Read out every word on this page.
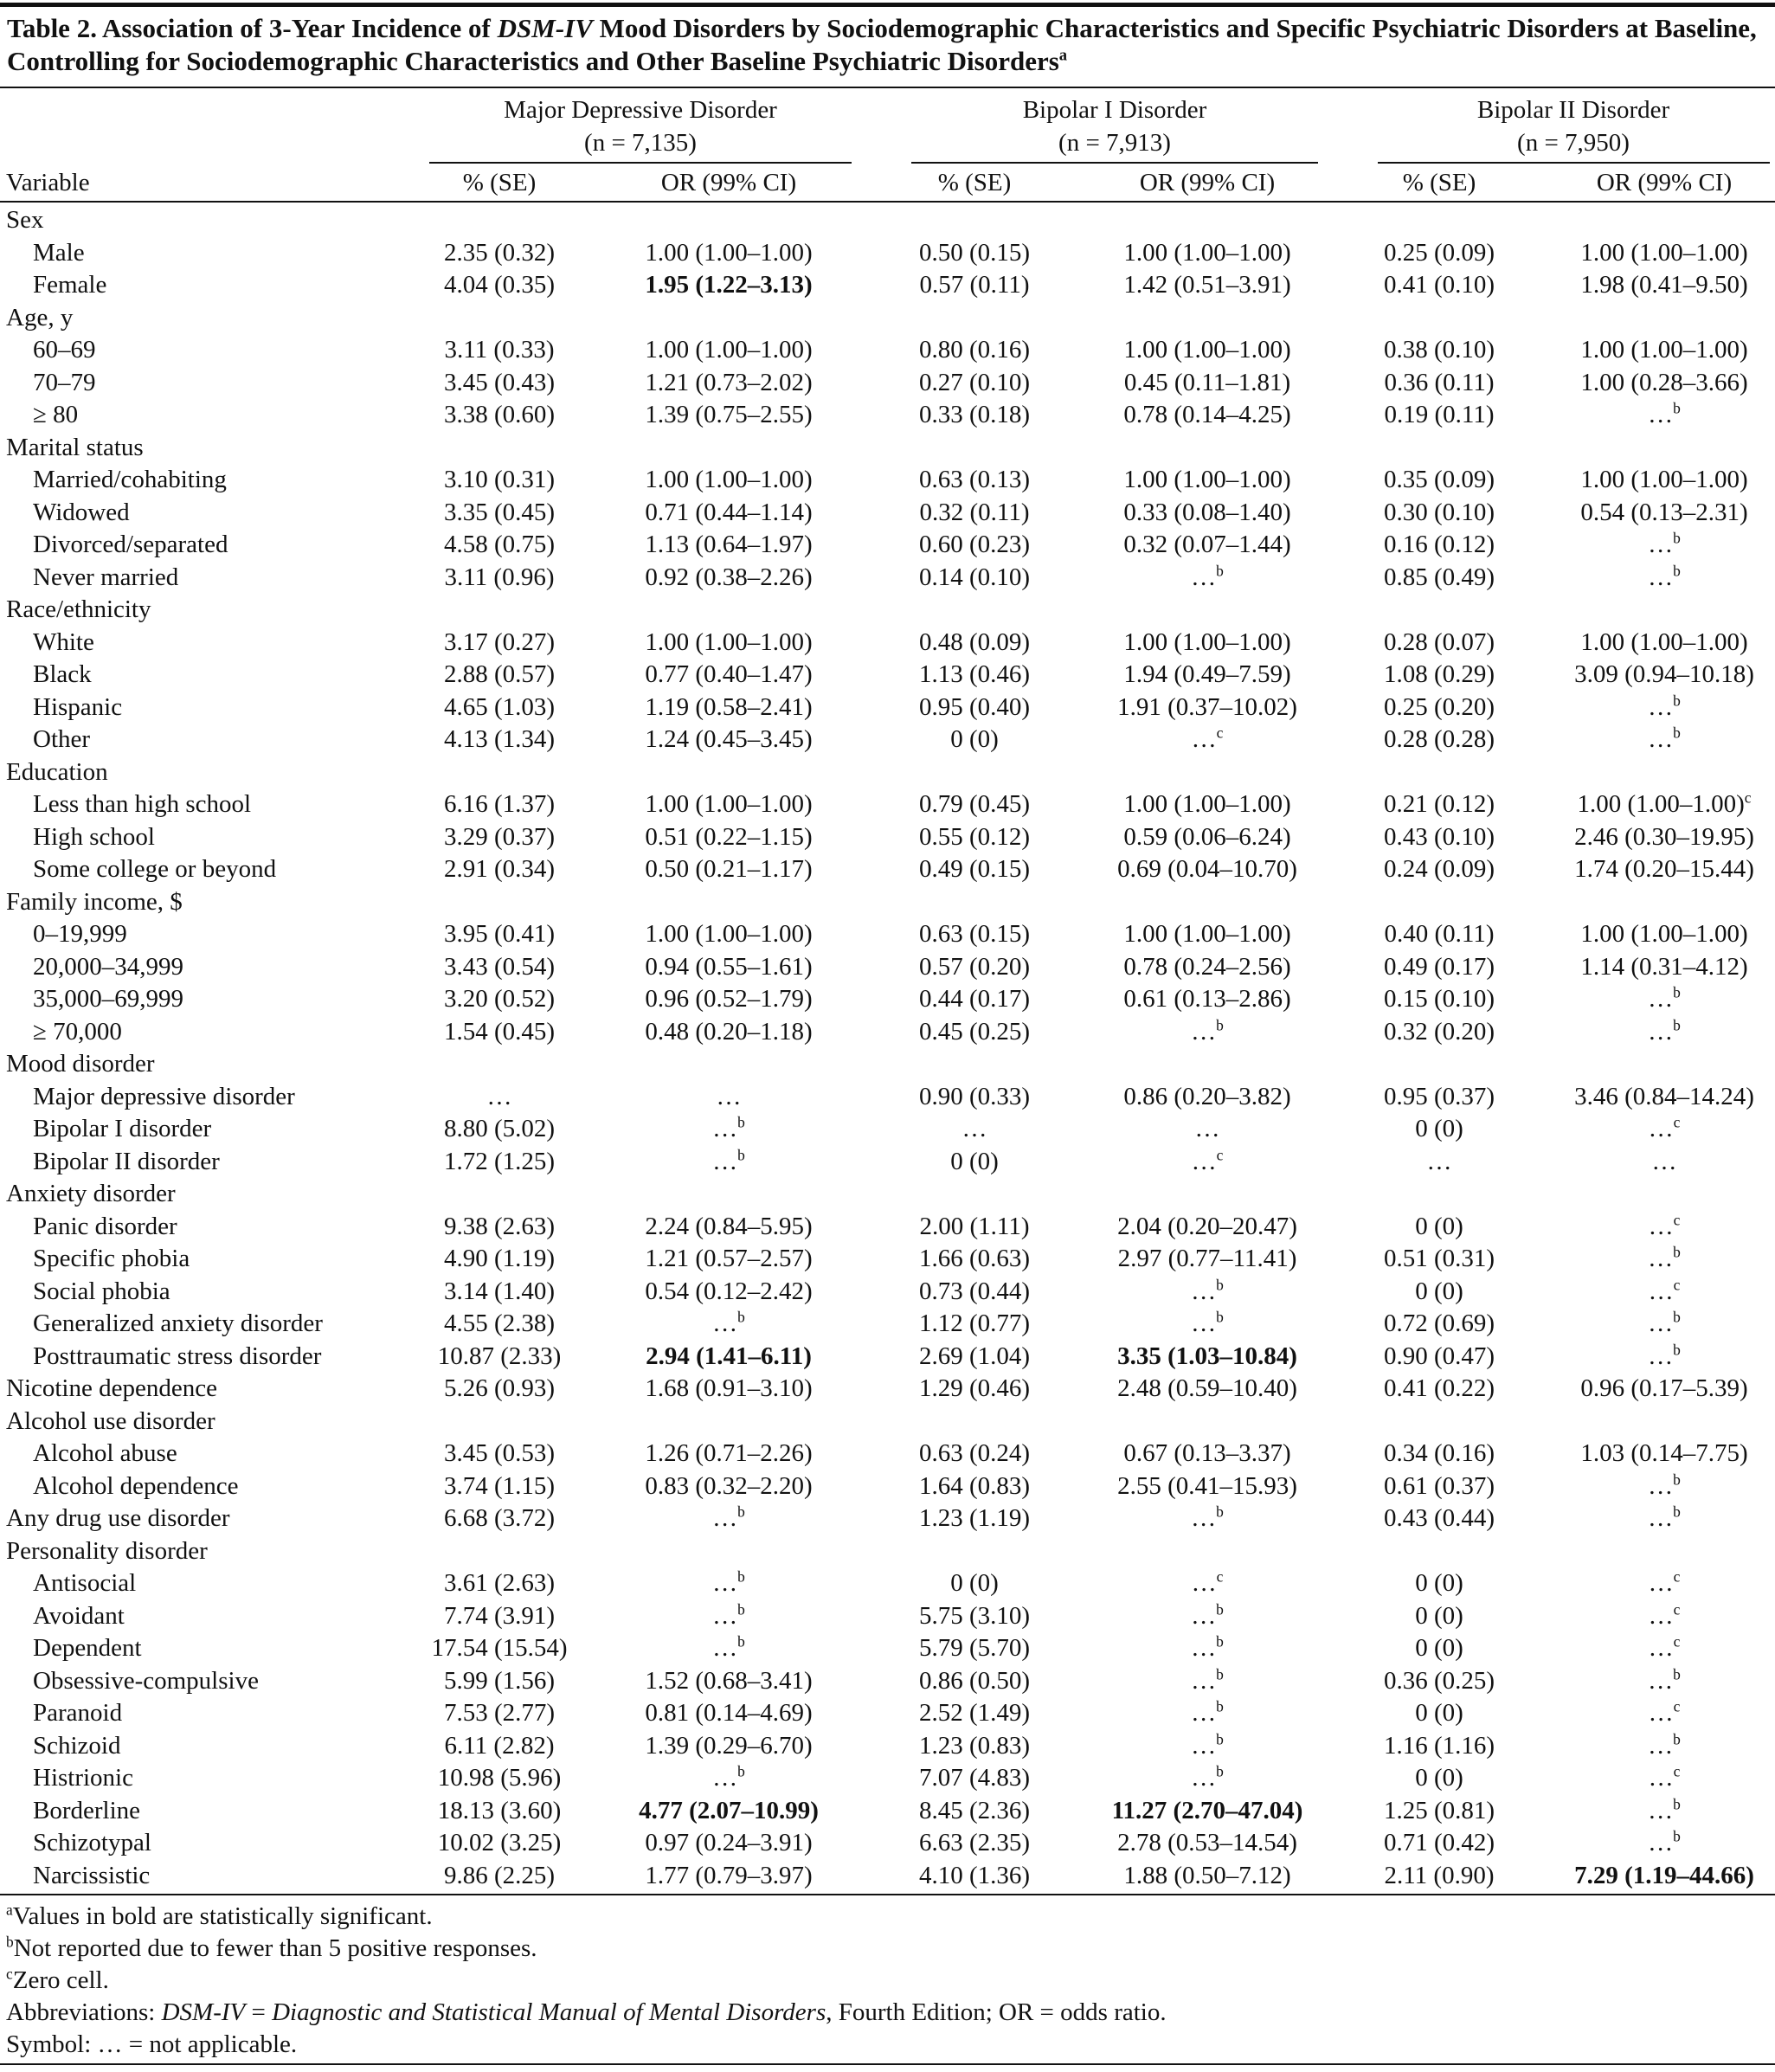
Table 2. Association of 3-Year Incidence of DSM-IV Mood Disorders by Sociodemographic Characteristics and Specific Psychiatric Disorders at Baseline, Controlling for Sociodemographic Characteristics and Other Baseline Psychiatric Disorders$^a$
Major Depressive Disorder
(n = 7,135)
Bipolar I Disorder
(n = 7,913)
Bipolar II Disorder
(n = 7,950)
Variable	% (SE)	OR (99% CI)	% (SE)	OR (99% CI)	% (SE)	OR (99% CI)
Sex
Male	2.35 (0.32)	1.00 (1.00–1.00)	0.50 (0.15)	1.00 (1.00–1.00)	0.25 (0.09)	1.00 (1.00–1.00)
Female	4.04 (0.35)	1.95 (1.22–3.13)	0.57 (0.11)	1.42 (0.51–3.91)	0.41 (0.10)	1.98 (0.41–9.50)
Age, y
60–69	3.11 (0.33)	1.00 (1.00–1.00)	0.80 (0.16)	1.00 (1.00–1.00)	0.38 (0.10)	1.00 (1.00–1.00)
70–79	3.45 (0.43)	1.21 (0.73–2.02)	0.27 (0.10)	0.45 (0.11–1.81)	0.36 (0.11)	1.00 (0.28–3.66)
≥ 80	3.38 (0.60)	1.39 (0.75–2.55)	0.33 (0.18)	0.78 (0.14–4.25)	0.19 (0.11)	…$^b$
Marital status
Married/cohabiting	3.10 (0.31)	1.00 (1.00–1.00)	0.63 (0.13)	1.00 (1.00–1.00)	0.35 (0.09)	1.00 (1.00–1.00)
Widowed	3.35 (0.45)	0.71 (0.44–1.14)	0.32 (0.11)	0.33 (0.08–1.40)	0.30 (0.10)	0.54 (0.13–2.31)
Divorced/separated	4.58 (0.75)	1.13 (0.64–1.97)	0.60 (0.23)	0.32 (0.07–1.44)	0.16 (0.12)	…$^b$
Never married	3.11 (0.96)	0.92 (0.38–2.26)	0.14 (0.10)	…$^b$	0.85 (0.49)	…$^b$
Race/ethnicity
White	3.17 (0.27)	1.00 (1.00–1.00)	0.48 (0.09)	1.00 (1.00–1.00)	0.28 (0.07)	1.00 (1.00–1.00)
Black	2.88 (0.57)	0.77 (0.40–1.47)	1.13 (0.46)	1.94 (0.49–7.59)	1.08 (0.29)	3.09 (0.94–10.18)
Hispanic	4.65 (1.03)	1.19 (0.58–2.41)	0.95 (0.40)	1.91 (0.37–10.02)	0.25 (0.20)	…$^b$
Other	4.13 (1.34)	1.24 (0.45–3.45)	0 (0)	…$^c$	0.28 (0.28)	…$^b$
Education
Less than high school	6.16 (1.37)	1.00 (1.00–1.00)	0.79 (0.45)	1.00 (1.00–1.00)	0.21 (0.12)	1.00 $(1.00-1.00)^c$
High school	3.29 (0.37)	0.51 (0.22–1.15)	0.55 (0.12)	0.59 (0.06–6.24)	0.43 (0.10)	2.46 (0.30–19.95)
Some college or beyond	2.91 (0.34)	0.50 (0.21–1.17)	0.49 (0.15)	0.69 (0.04–10.70)	0.24 (0.09)	1.74 (0.20–15.44)
Family income, $
0–19,999	3.95 (0.41)	1.00 (1.00–1.00)	0.63 (0.15)	1.00 (1.00–1.00)	0.40 (0.11)	1.00 (1.00–1.00)
20,000–34,999	3.43 (0.54)	0.94 (0.55–1.61)	0.57 (0.20)	0.78 (0.24–2.56)	0.49 (0.17)	1.14 (0.31–4.12)
35,000–69,999	3.20 (0.52)	0.96 (0.52–1.79)	0.44 (0.17)	0.61 (0.13–2.86)	0.15 (0.10)	…$^b$
≥ 70,000	1.54 (0.45)	0.48 (0.20–1.18)	0.45 (0.25)	…$^b$	0.32 (0.20)	…$^b$
Mood disorder
Major depressive disorder	…	…	0.90 (0.33)	0.86 (0.20–3.82)	0.95 (0.37)	3.46 (0.84–14.24)
Bipolar I disorder	8.80 (5.02)	…$^b$	…	…	0 (0)	…$^c$
Bipolar II disorder	1.72 (1.25)	…$^b$	0 (0)	…$^c$	…	…
Anxiety disorder
Panic disorder	9.38 (2.63)	2.24 (0.84–5.95)	2.00 (1.11)	2.04 (0.20–20.47)	0 (0)	…$^c$
Specific phobia	4.90 (1.19)	1.21 (0.57–2.57)	1.66 (0.63)	2.97 (0.77–11.41)	0.51 (0.31)	…$^b$
Social phobia	3.14 (1.40)	0.54 (0.12–2.42)	0.73 (0.44)	…$^b$	0 (0)	…$^c$
Generalized anxiety disorder	4.55 (2.38)	…$^b$	1.12 (0.77)	…$^b$	0.72 (0.69)	…$^b$
Posttraumatic stress disorder	10.87 (2.33)	2.94 (1.41–6.11)	2.69 (1.04)	3.35 (1.03–10.84)	0.90 (0.47)	…$^b$
Nicotine dependence	5.26 (0.93)	1.68 (0.91–3.10)	1.29 (0.46)	2.48 (0.59–10.40)	0.41 (0.22)	0.96 (0.17–5.39)
Alcohol use disorder
Alcohol abuse	3.45 (0.53)	1.26 (0.71–2.26)	0.63 (0.24)	0.67 (0.13–3.37)	0.34 (0.16)	1.03 (0.14–7.75)
Alcohol dependence	3.74 (1.15)	0.83 (0.32–2.20)	1.64 (0.83)	2.55 (0.41–15.93)	0.61 (0.37)	…$^b$
Any drug use disorder	6.68 (3.72)	…$^b$	1.23 (1.19)	…$^b$	0.43 (0.44)	…$^b$
Personality disorder
Antisocial	3.61 (2.63)	…$^b$	0 (0)	…$^c$	0 (0)	…$^c$
Avoidant	7.74 (3.91)	…$^b$	5.75 (3.10)	…$^b$	0 (0)	…$^c$
Dependent	17.54 (15.54)	…$^b$	5.79 (5.70)	…$^b$	0 (0)	…$^c$
Obsessive-compulsive	5.99 (1.56)	1.52 (0.68–3.41)	0.86 (0.50)	…$^b$	0.36 (0.25)	…$^b$
Paranoid	7.53 (2.77)	0.81 (0.14–4.69)	2.52 (1.49)	…$^b$	0 (0)	…$^c$
Schizoid	6.11 (2.82)	1.39 (0.29–6.70)	1.23 (0.83)	…$^b$	1.16 (1.16)	…$^b$
Histrionic	10.98 (5.96)	…$^b$	7.07 (4.83)	…$^b$	0 (0)	…$^c$
Borderline	18.13 (3.60)	4.77 (2.07–10.99)	8.45 (2.36)	11.27 (2.70–47.04)	1.25 (0.81)	…$^b$
Schizotypal	10.02 (3.25)	0.97 (0.24–3.91)	6.63 (2.35)	2.78 (0.53–14.54)	0.71 (0.42)	…$^b$
Narcissistic	9.86 (2.25)	1.77 (0.79–3.97)	4.10 (1.36)	1.88 (0.50–7.12)	2.11 (0.90)	7.29 (1.19–44.66)
$^a$Values in bold are statistically significant.
$^b$Not reported due to fewer than 5 positive responses.
$^c$Zero cell.
Abbreviations: DSM-IV = Diagnostic and Statistical Manual of Mental Disorders, Fourth Edition; OR = odds ratio.
Symbol: … = not applicable.
